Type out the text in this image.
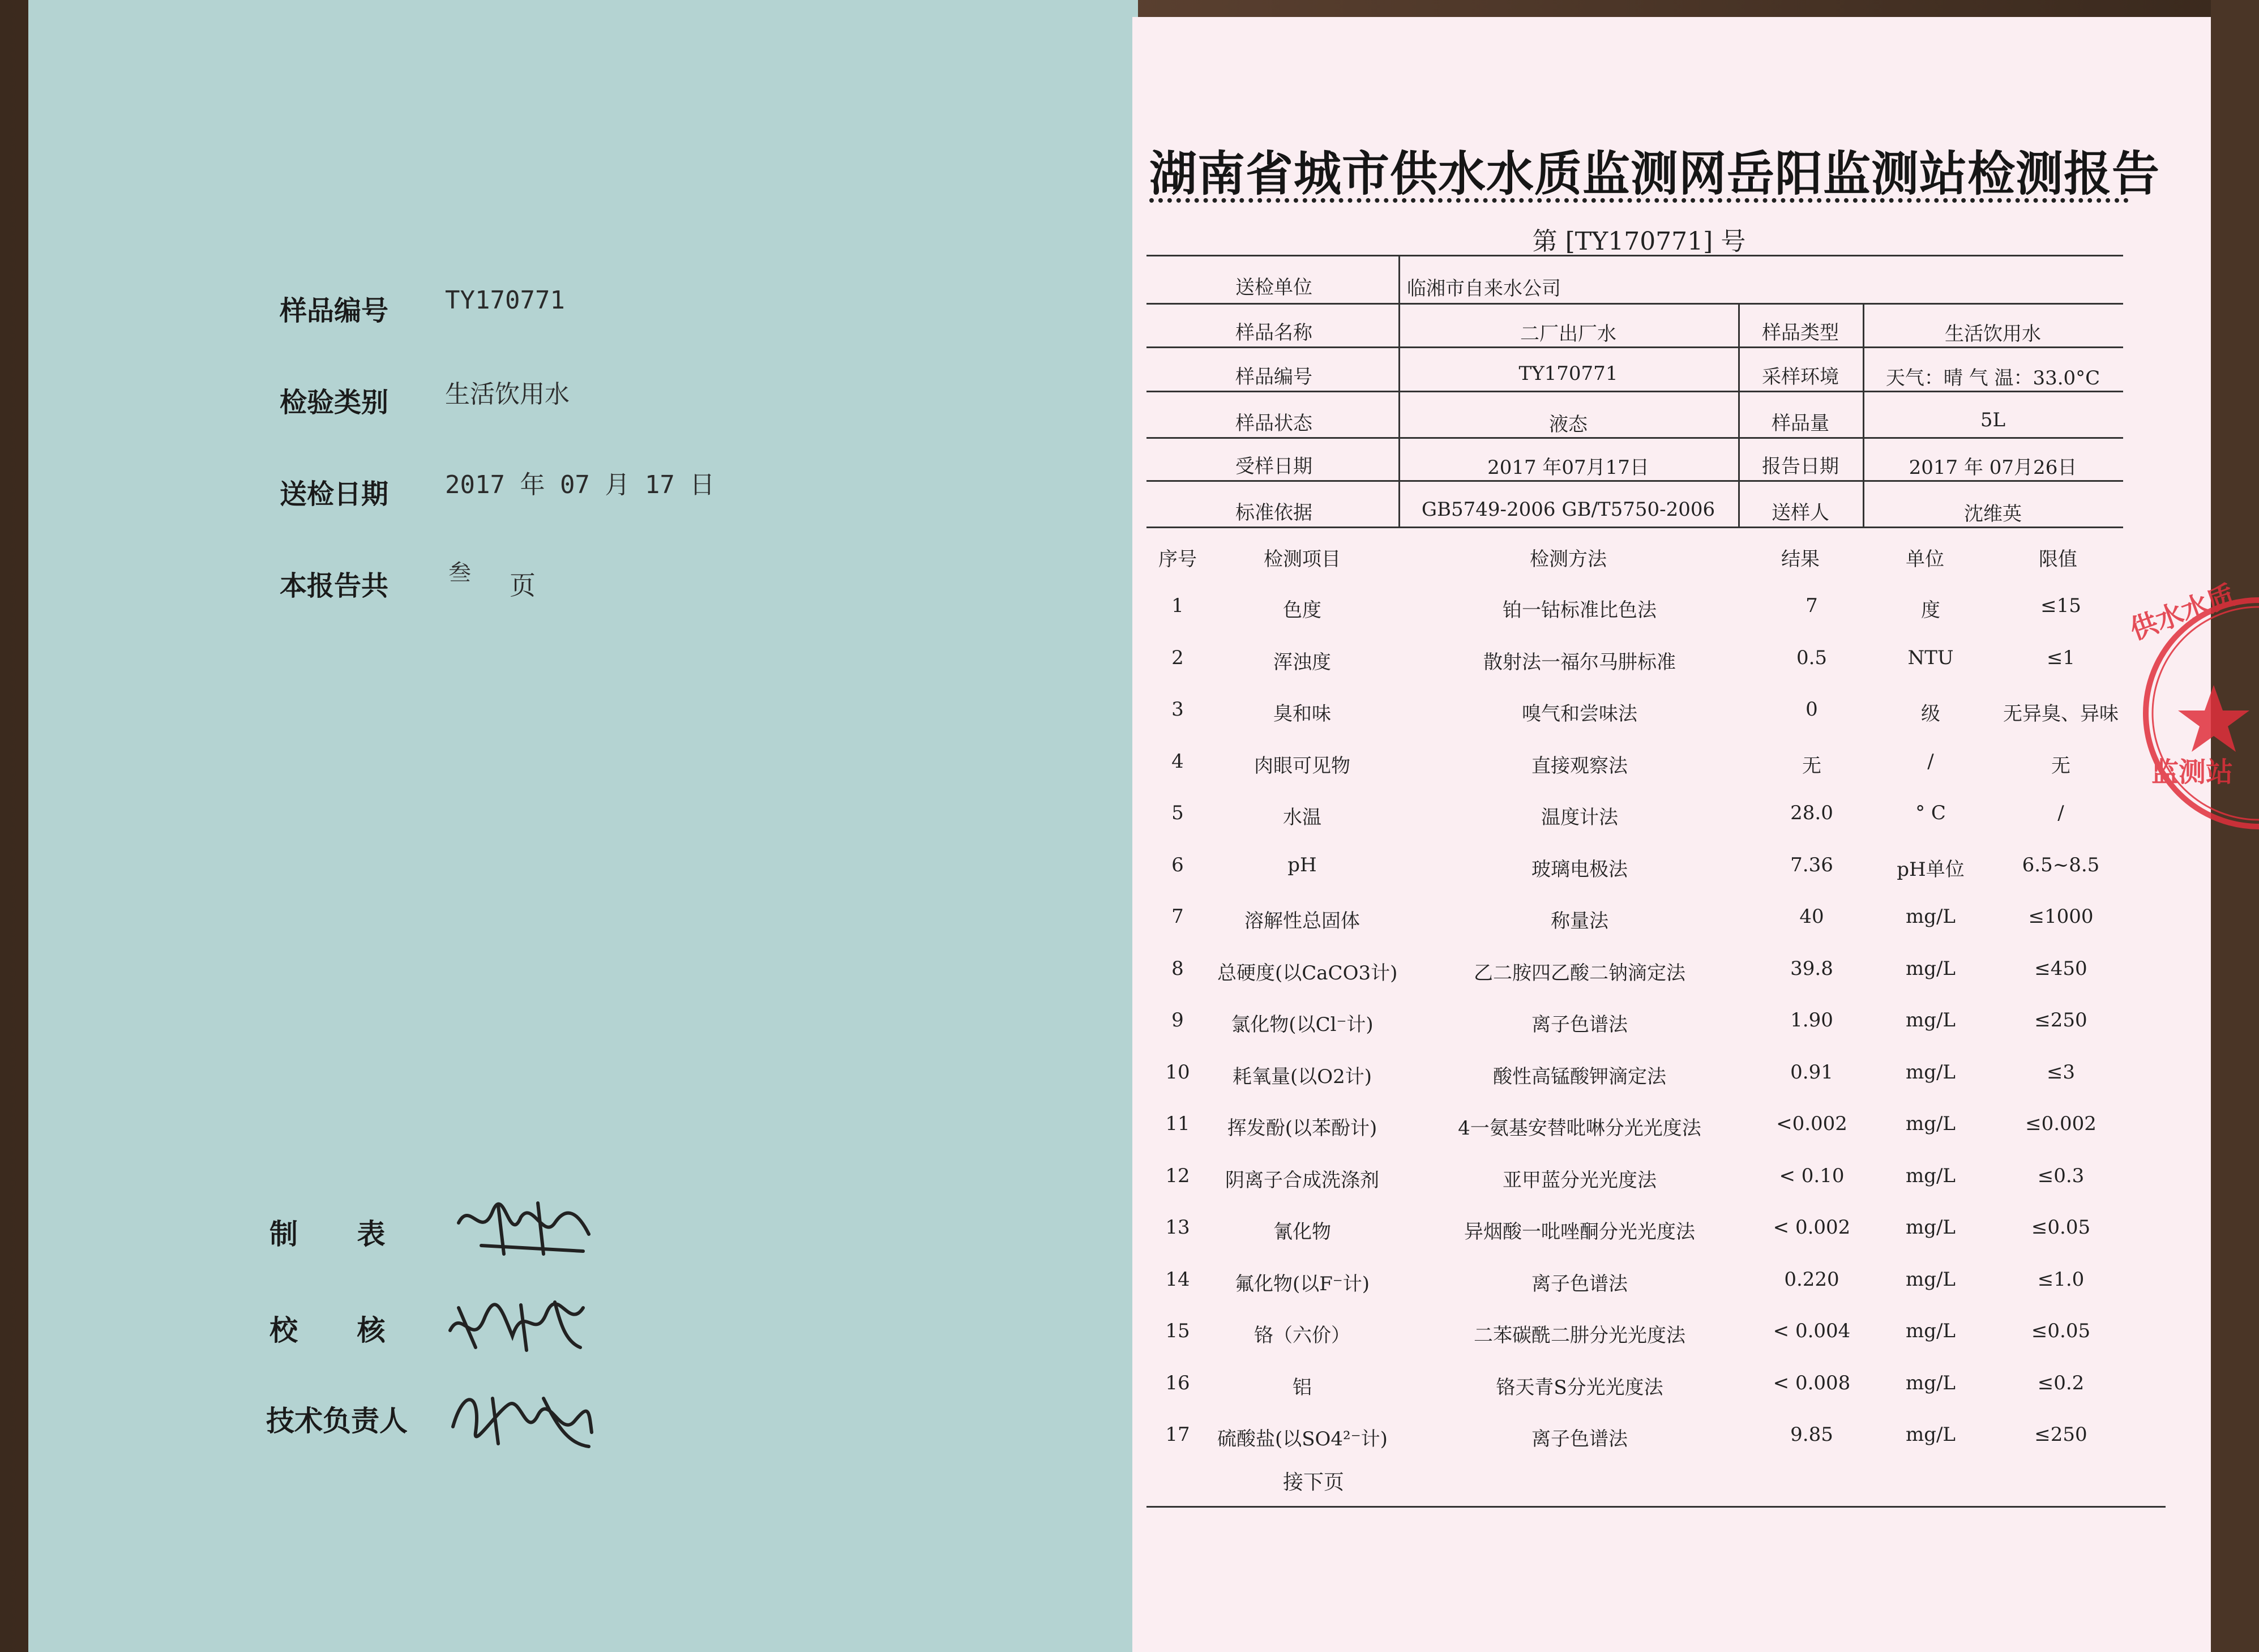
样品编号 TY170771
检验类别 生活饮用水
送检日期 2017 年 07 月 17 日
本报告共	叁 页
制      表
校      核
技术负责人
湖南省城市供水水质监测网岳阳监测站检测报告
第 [TY170771] 号
送检单位	临湘市自来水公司
样品名称	二厂出厂水	样品类型	生活饮用水
样品编号	TY170771	采样环境	天气：晴 气 温：33.0°C
样品状态	液态	样品量	5L
受样日期	2017 年07月17日	报告日期	2017 年 07月26日
标准依据	GB5749-2006 GB/T5750-2006	送样人	沈维英
序号	检测项目	检测方法	结果	单位	限值
1	色度	铂一钴标准比色法	7	度	≤15
2	浑浊度	散射法一福尔马肼标准	0.5	NTU	≤1
3	臭和味	嗅气和尝味法	0	级	无异臭、异味
4	肉眼可见物	直接观察法	无	/	无
5	水温	温度计法	28.0	° C	/
6	pH	玻璃电极法	7.36	pH单位	6.5~8.5
7	溶解性总固体	称量法	40	mg/L	≤1000
8	总硬度(以CaCO3计)	乙二胺四乙酸二钠滴定法	39.8	mg/L	≤450
9	氯化物(以Cl⁻计)	离子色谱法	1.90	mg/L	≤250
10	耗氧量(以O2计)	酸性高锰酸钾滴定法	0.91	mg/L	≤3
11	挥发酚(以苯酚计)	4一氨基安替吡啉分光光度法	<0.002	mg/L	≤0.002
12	阴离子合成洗涤剂	亚甲蓝分光光度法	< 0.10	mg/L	≤0.3
13	氰化物	异烟酸一吡唑酮分光光度法	< 0.002	mg/L	≤0.05
14	氟化物(以F⁻计)	离子色谱法	0.220	mg/L	≤1.0
15	铬（六价）	二苯碳酰二肼分光光度法	< 0.004	mg/L	≤0.05
16	铝	铬天青S分光光度法	< 0.008	mg/L	≤0.2
17	硫酸盐(以SO4²⁻计)	离子色谱法	9.85	mg/L	≤250
接下页
供水水质
监测站
